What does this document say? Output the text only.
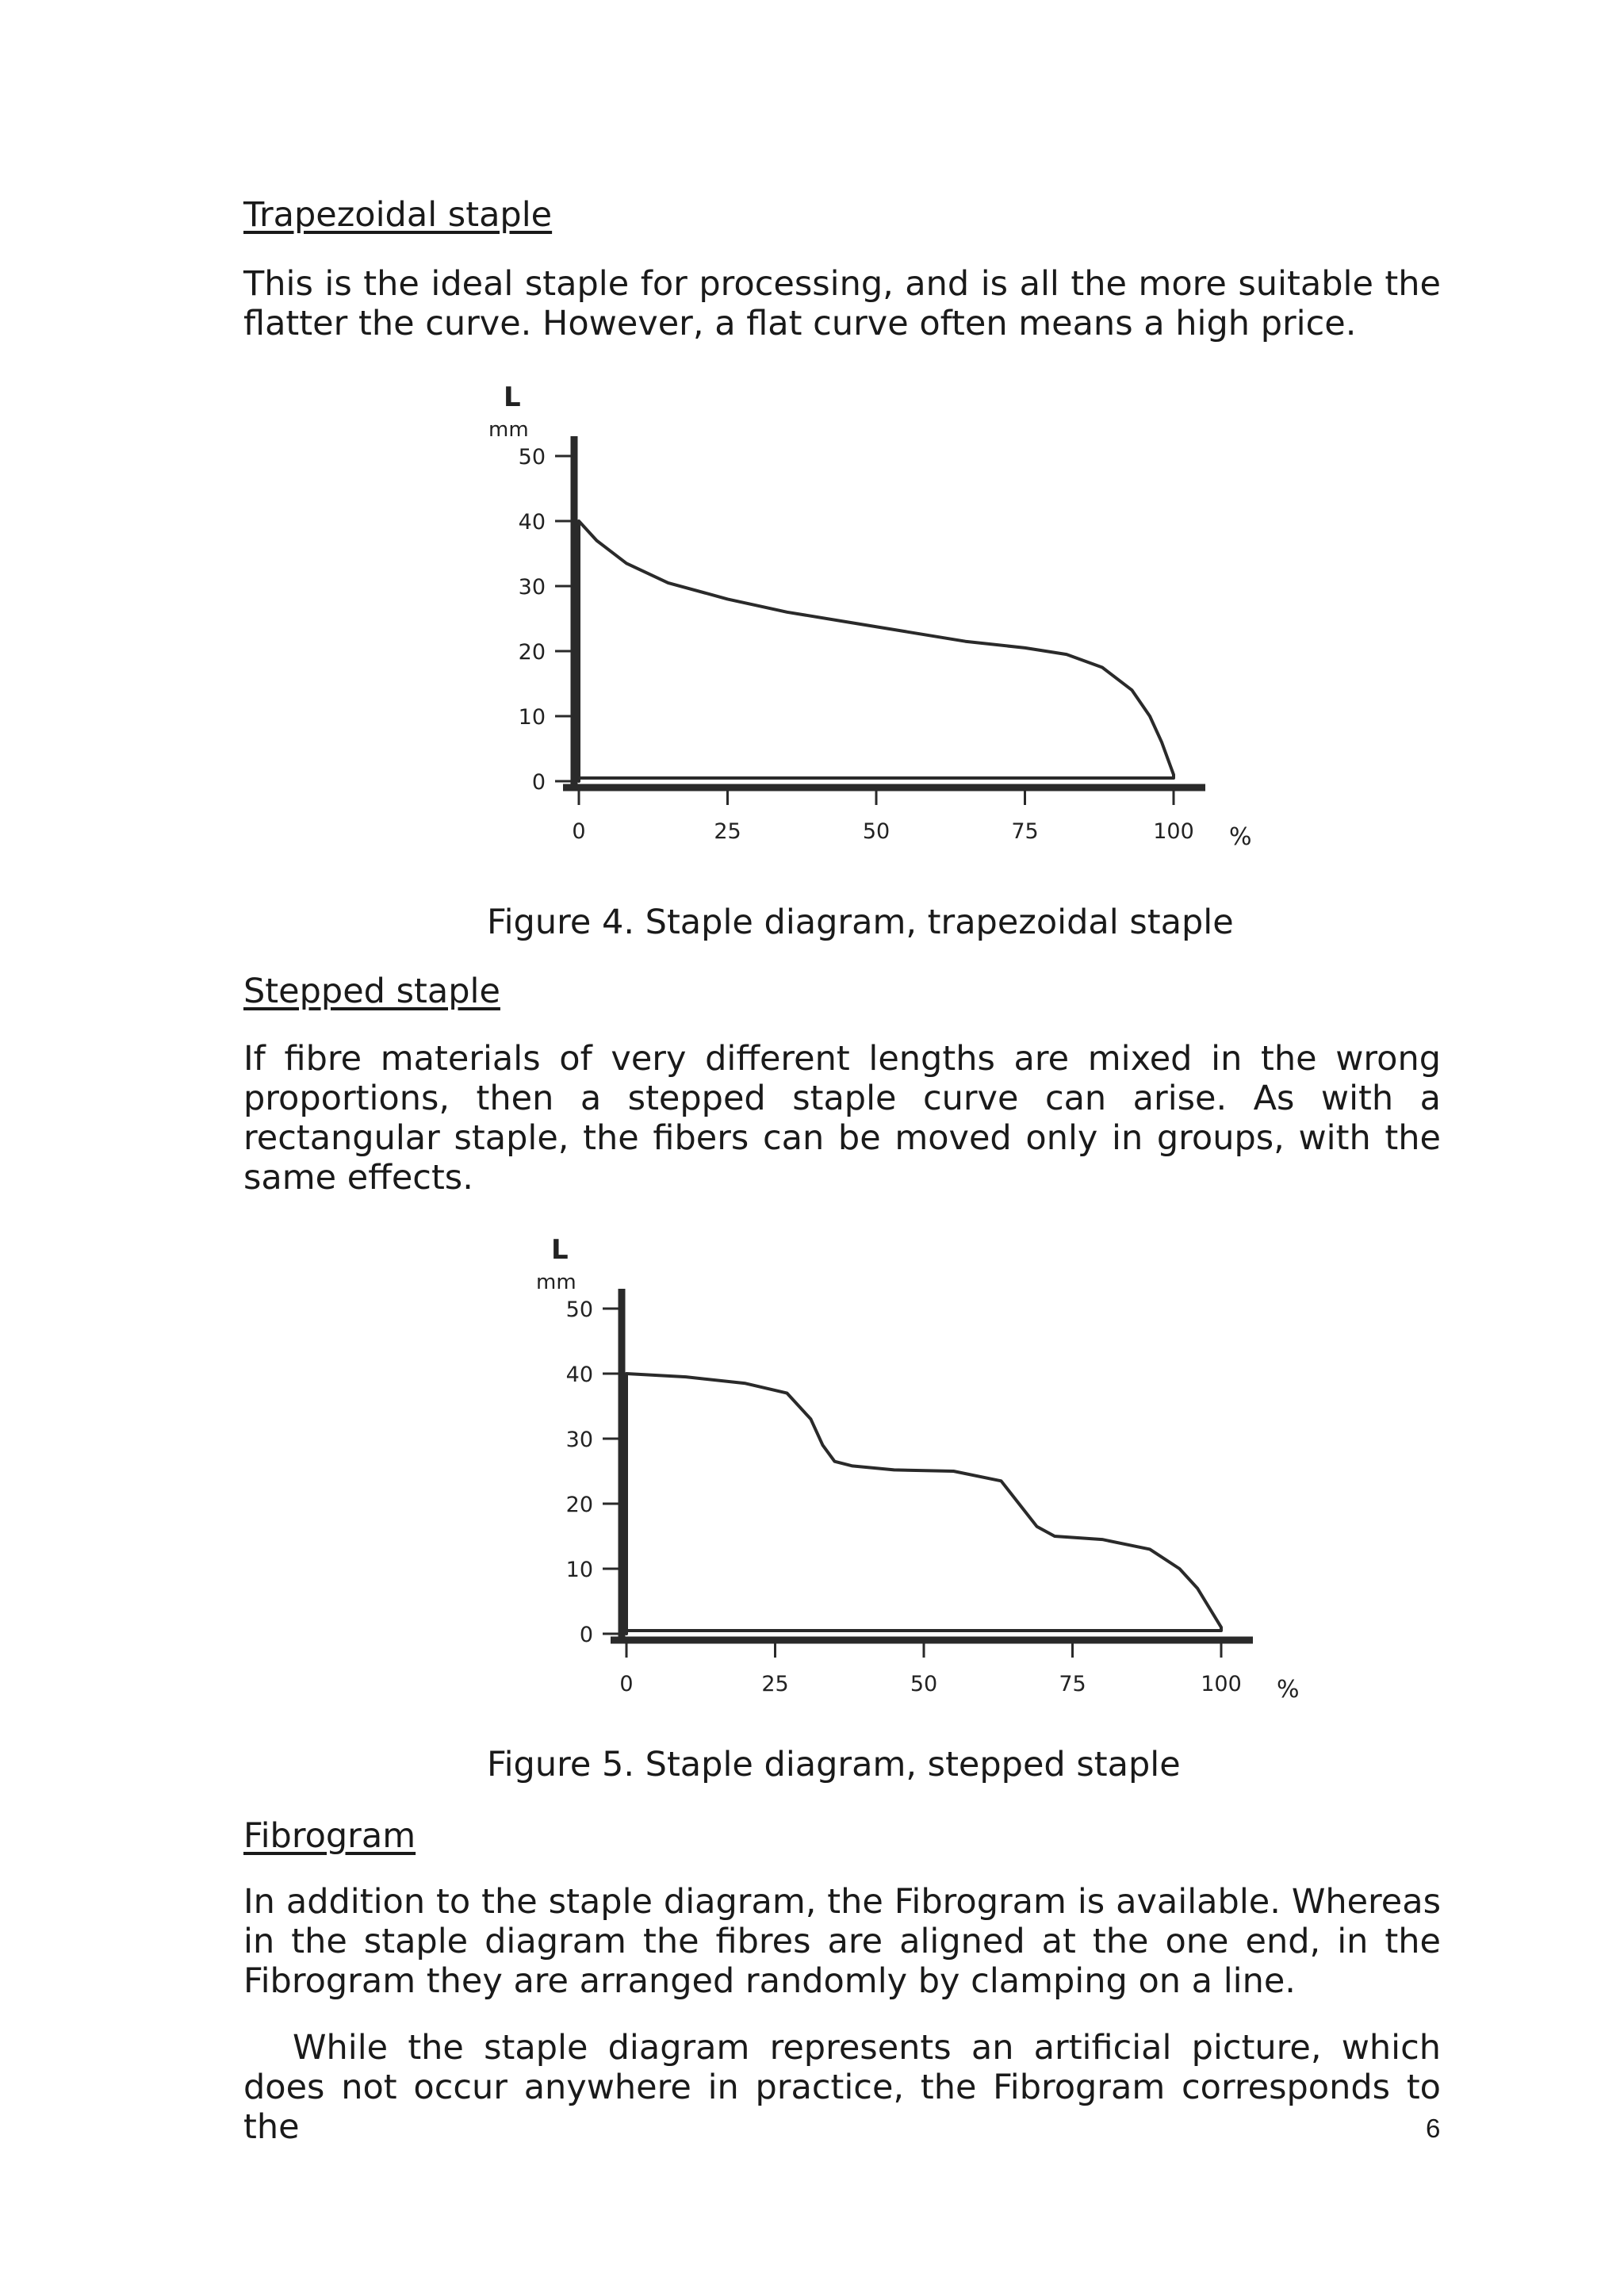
Trapezoidal staple

This is the ideal staple for processing, and is all the more suitable the flatter the curve. However, a flat curve often means a high price.

L
mm
0
10
20
30
40
50
0	25	50	75	100 %

Figure 4. Staple diagram, trapezoidal staple

Stepped staple

If fibre materials of very different lengths are mixed in the wrong proportions, then a stepped staple curve can arise. As with a rectangular staple, the fibers can be moved only in groups, with the same effects.

L
mm
0
10
20
30
40
50
0	25	50	75	100 %

Figure 5. Staple diagram, stepped staple

Fibrogram

In addition to the staple diagram, the Fibrogram is available. Whereas in the staple diagram the fibres are aligned at the one end, in the Fibrogram they are arranged randomly by clamping on a line.

While the staple diagram represents an artificial picture, which does not occur anywhere in practice, the Fibrogram corresponds to the	6
